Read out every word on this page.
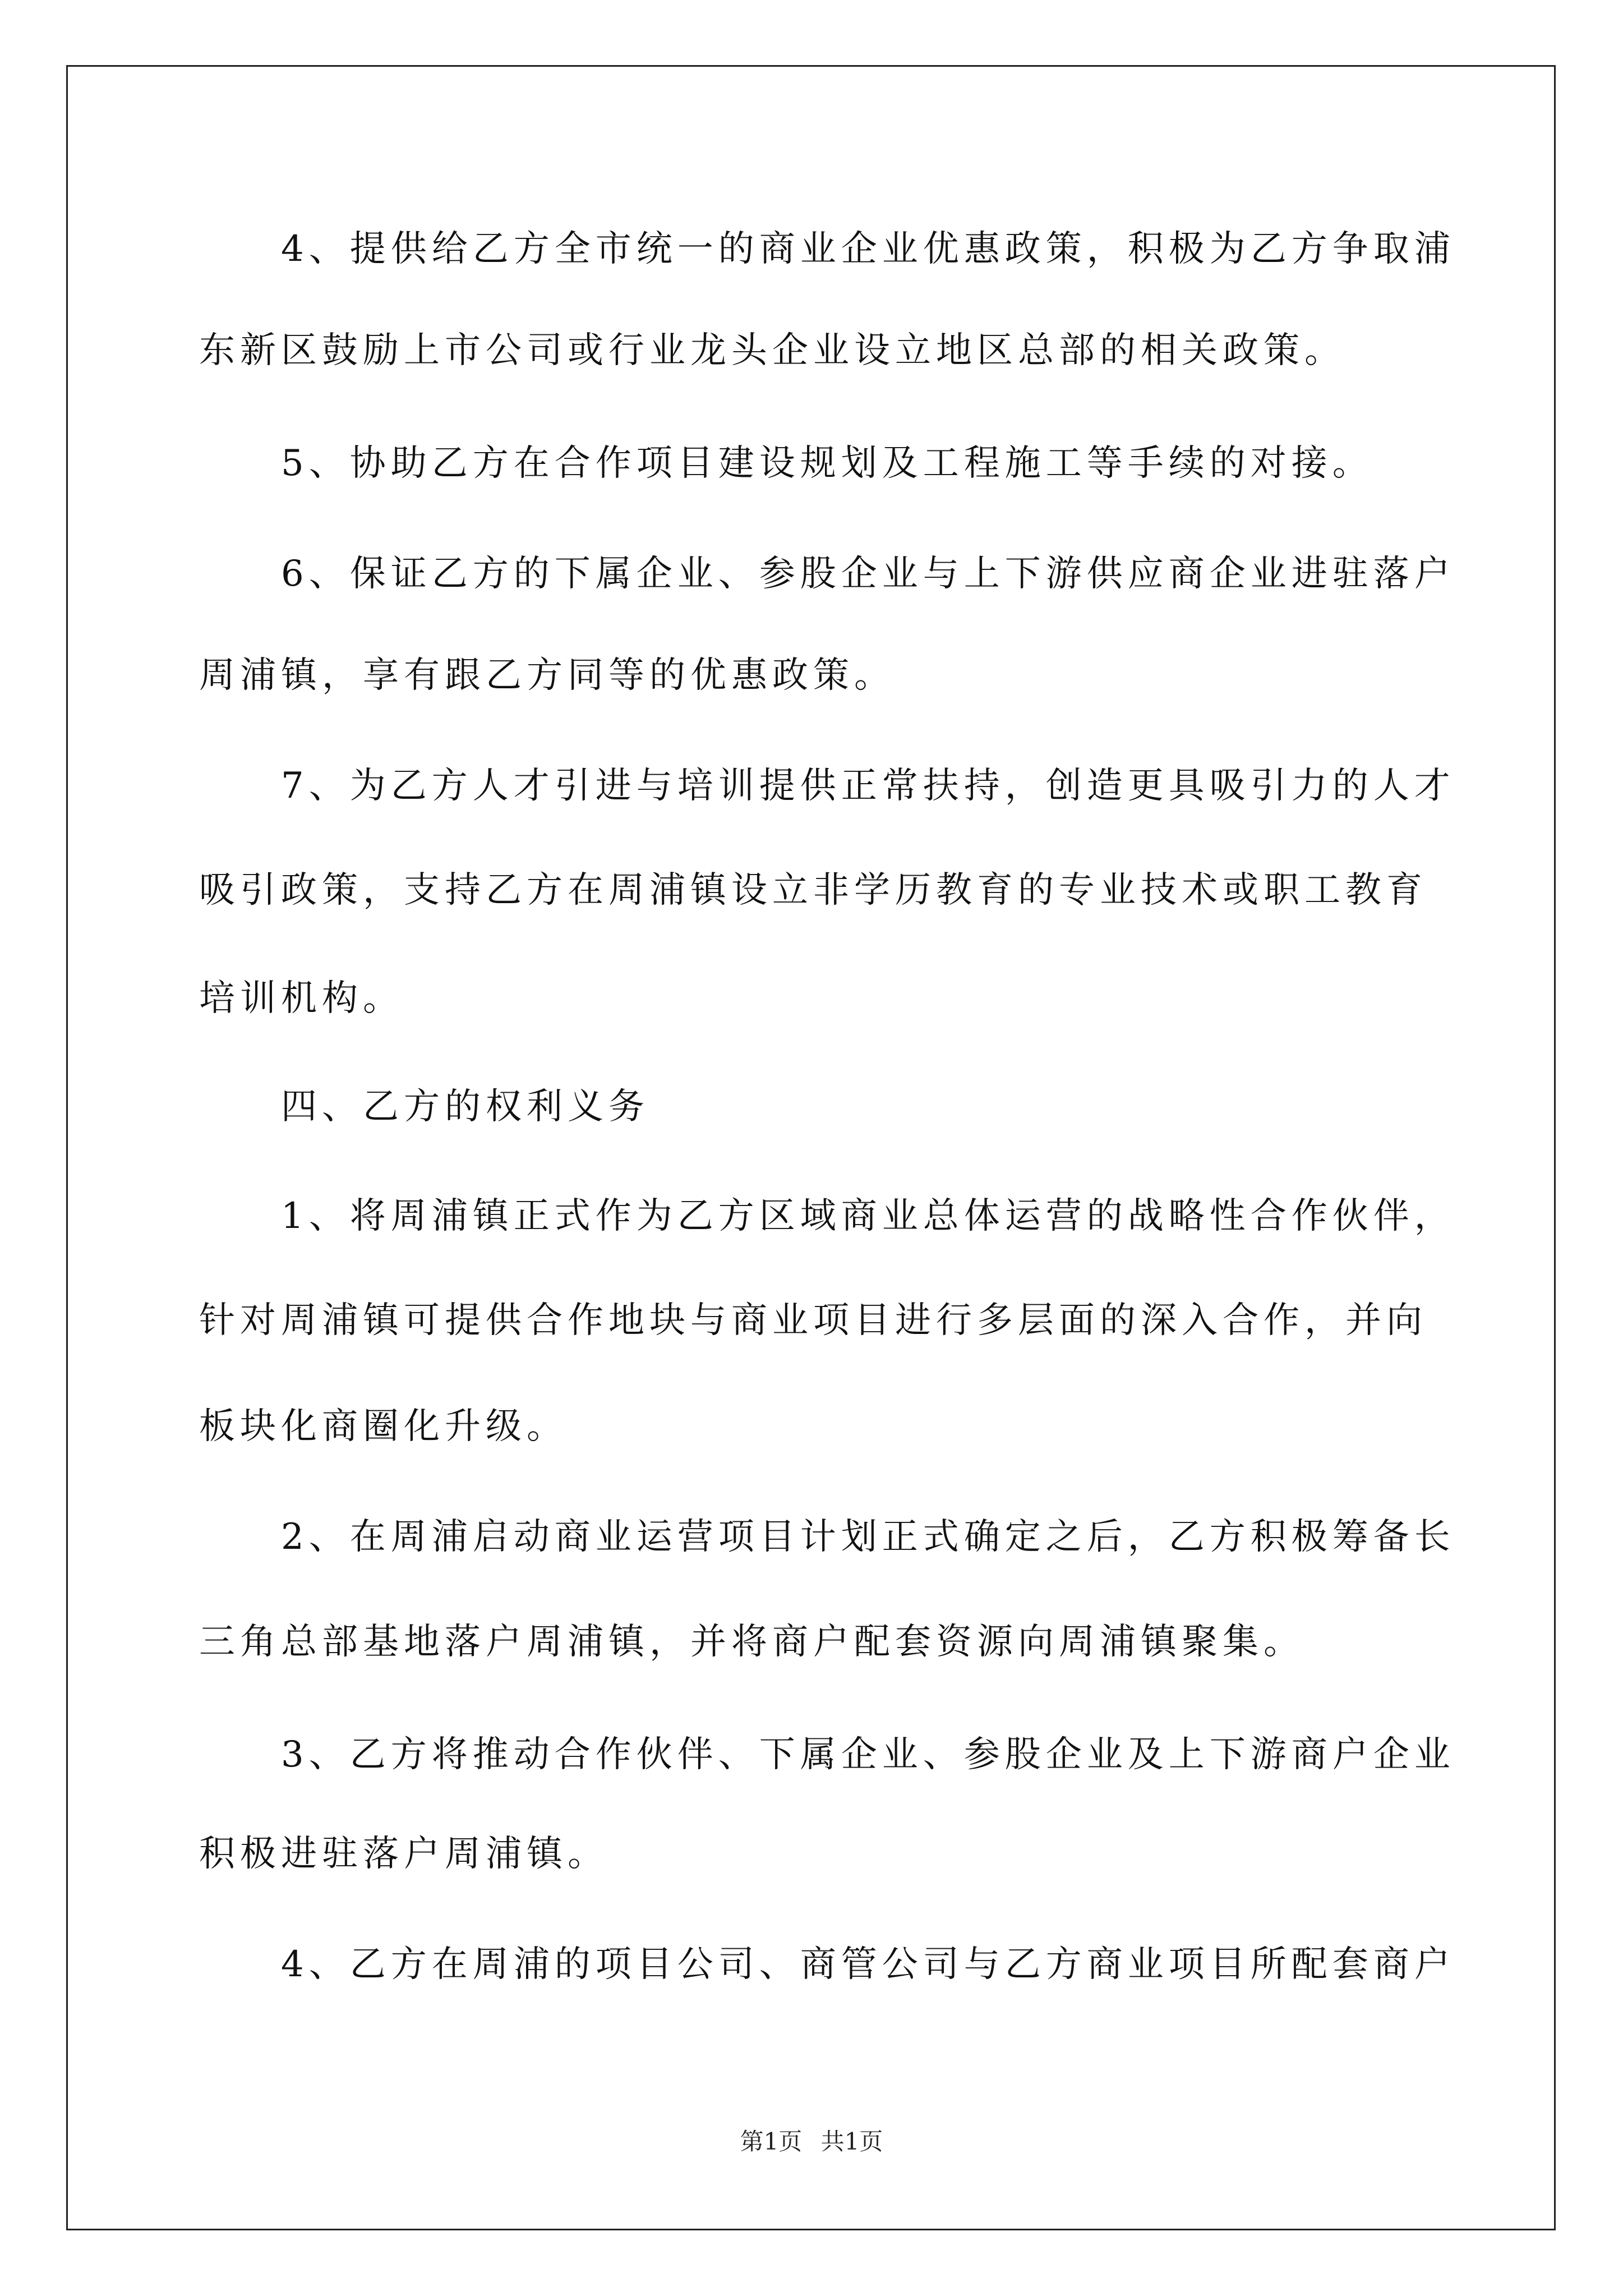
　　4、提供给乙方全市统一的商业企业优惠政策，积极为乙方争取浦
东新区鼓励上市公司或行业龙头企业设立地区总部的相关政策。
　　5、协助乙方在合作项目建设规划及工程施工等手续的对接。
　　6、保证乙方的下属企业、参股企业与上下游供应商企业进驻落户
周浦镇，享有跟乙方同等的优惠政策。
　　7、为乙方人才引进与培训提供正常扶持，创造更具吸引力的人才
吸引政策，支持乙方在周浦镇设立非学历教育的专业技术或职工教育
培训机构。
　　四、乙方的权利义务
　　1、将周浦镇正式作为乙方区域商业总体运营的战略性合作伙伴，
针对周浦镇可提供合作地块与商业项目进行多层面的深入合作，并向
板块化商圈化升级。
　　2、在周浦启动商业运营项目计划正式确定之后，乙方积极筹备长
三角总部基地落户周浦镇，并将商户配套资源向周浦镇聚集。
　　3、乙方将推动合作伙伴、下属企业、参股企业及上下游商户企业
积极进驻落户周浦镇。
　　4、乙方在周浦的项目公司、商管公司与乙方商业项目所配套商户
第1页 共1页
